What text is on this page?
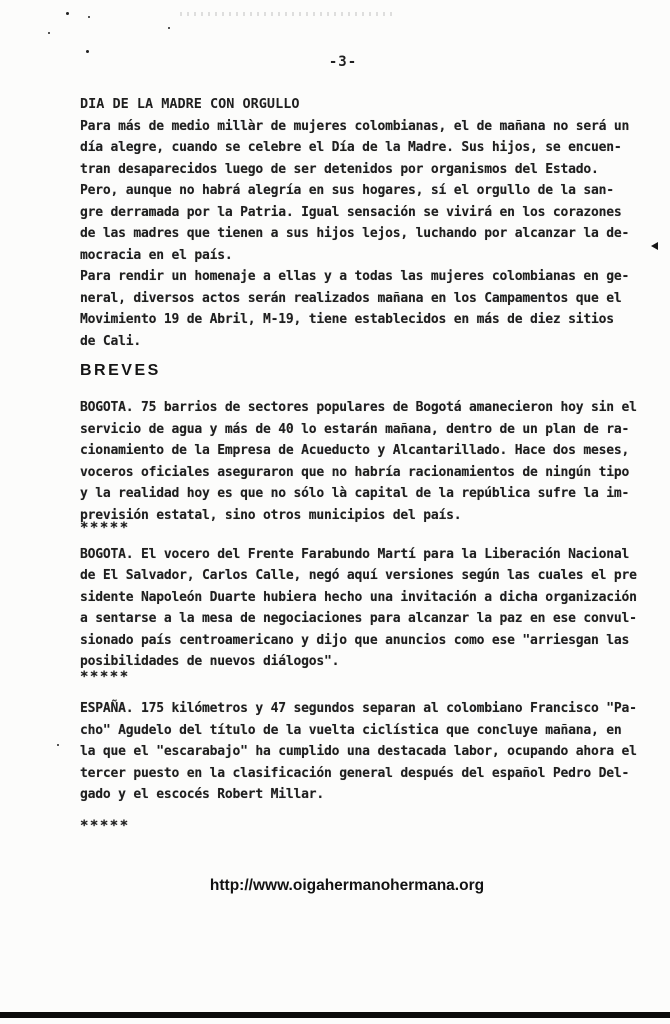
-3-
DIA DE LA MADRE CON ORGULLO
Para más de medio millàr de mujeres colombianas, el de mañana no será un
día alegre, cuando se celebre el Día de la Madre. Sus hijos, se encuen-
tran desaparecidos luego de ser detenidos por organismos del Estado.
Pero, aunque no habrá alegría en sus hogares, sí el orgullo de la san-
gre derramada por la Patria. Igual sensación se vivirá en los corazones
de las madres que tienen a sus hijos lejos, luchando por alcanzar la de-
mocracia en el país.
Para rendir un homenaje a ellas y a todas las mujeres colombianas en ge-
neral, diversos actos serán realizados mañana en los Campamentos que el
Movimiento 19 de Abril, M-19, tiene establecidos en más de diez sitios
de Cali.
BREVES
BOGOTA. 75 barrios de sectores populares de Bogotá amanecieron hoy sin el
servicio de agua y más de 40 lo estarán mañana, dentro de un plan de ra-
cionamiento de la Empresa de Acueducto y Alcantarillado. Hace dos meses,
voceros oficiales aseguraron que no habría racionamientos de ningún tipo
y la realidad hoy es que no sólo là capital de la república sufre la im-
previsión estatal, sino otros municipios del país.
*****
BOGOTA. El vocero del Frente Farabundo Martí para la Liberación Nacional
de El Salvador, Carlos Calle, negó aquí versiones según las cuales el pre
sidente Napoleón Duarte hubiera hecho una invitación a dicha organización
a sentarse a la mesa de negociaciones para alcanzar la paz en ese convul-
sionado país centroamericano y dijo que anuncios como ese "arriesgan las
posibilidades de nuevos diálogos".
*****
ESPAÑA. 175 kilómetros y 47 segundos separan al colombiano Francisco "Pa-
cho" Agudelo del título de la vuelta ciclística que concluye mañana, en
la que el "escarabajo" ha cumplido una destacada labor, ocupando ahora el
tercer puesto en la clasificación general después del español Pedro Del-
gado y el escocés Robert Millar.
*****
http://www.oigahermanohermana.org
